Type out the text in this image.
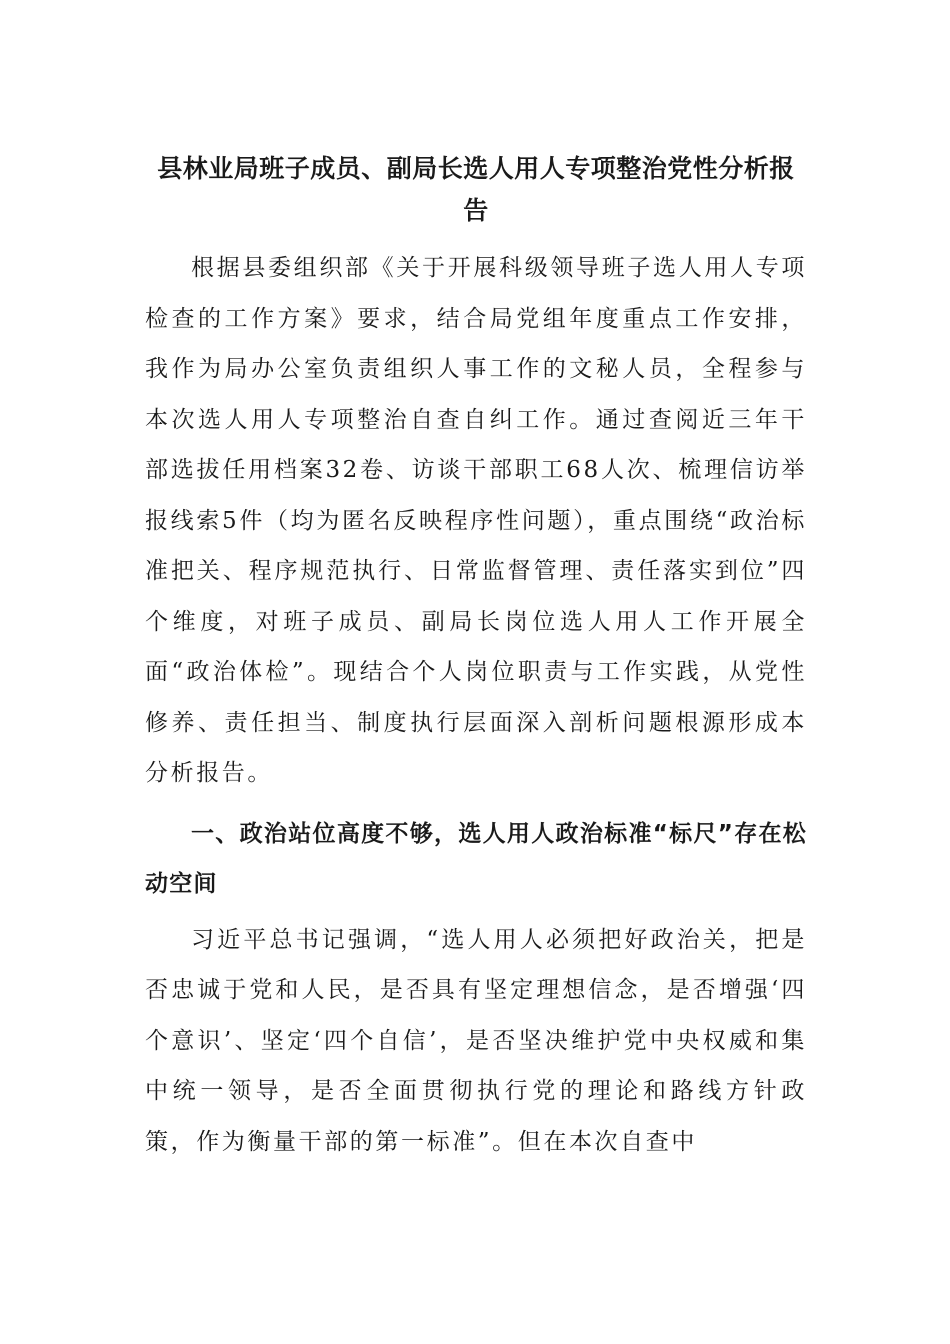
县林业局班子成员、副局长选人用人专项整治党性分析报告

根据县委组织部《关于开展科级领导班子选人用人专项检查的工作方案》要求，结合局党组年度重点工作安排，我作为局办公室负责组织人事工作的文秘人员，全程参与本次选人用人专项整治自查自纠工作。通过查阅近三年干部选拔任用档案32卷、访谈干部职工68人次、梳理信访举报线索5件（均为匿名反映程序性问题），重点围绕“政治标准把关、程序规范执行、日常监督管理、责任落实到位”四个维度，对班子成员、副局长岗位选人用人工作开展全面“政治体检”。现结合个人岗位职责与工作实践，从党性修养、责任担当、制度执行层面深入剖析问题根源形成本分析报告。

一、政治站位高度不够，选人用人政治标准“标尺”存在松动空间

习近平总书记强调，“选人用人必须把好政治关，把是否忠诚于党和人民，是否具有坚定理想信念，是否增强‘四个意识’、坚定‘四个自信’，是否坚决维护党中央权威和集中统一领导，是否全面贯彻执行党的理论和路线方针政策，作为衡量干部的第一标准”。但在本次自查中
